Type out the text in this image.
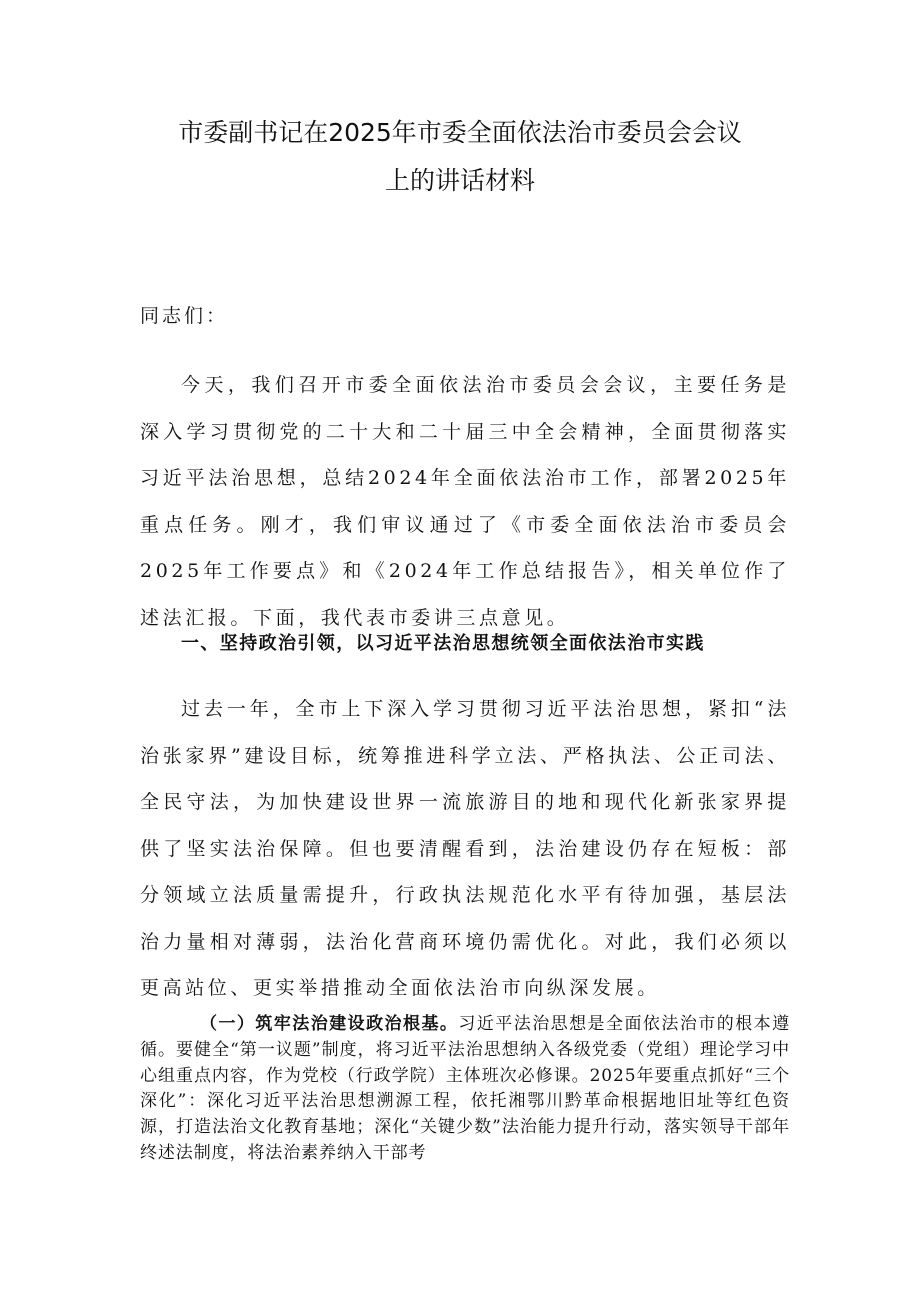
市委副书记在2025年市委全面依法治市委员会会议
上的讲话材料
同志们：

今天，我们召开市委全面依法治市委员会会议，主要任务是深入学习贯彻党的二十大和二十届三中全会精神，全面贯彻落实习近平法治思想，总结2024年全面依法治市工作，部署2025年重点任务。刚才，我们审议通过了《市委全面依法治市委员会2025年工作要点》和《2024年工作总结报告》，相关单位作了述法汇报。下面，我代表市委讲三点意见。

一、坚持政治引领，以习近平法治思想统领全面依法治市实践

过去一年，全市上下深入学习贯彻习近平法治思想，紧扣“法治张家界”建设目标，统筹推进科学立法、严格执法、公正司法、全民守法，为加快建设世界一流旅游目的地和现代化新张家界提供了坚实法治保障。但也要清醒看到，法治建设仍存在短板：部分领域立法质量需提升，行政执法规范化水平有待加强，基层法治力量相对薄弱，法治化营商环境仍需优化。对此，我们必须以更高站位、更实举措推动全面依法治市向纵深发展。

（一）筑牢法治建设政治根基。习近平法治思想是全面依法治市的根本遵循。要健全“第一议题”制度，将习近平法治思想纳入各级党委（党组）理论学习中心组重点内容，作为党校（行政学院）主体班次必修课。2025年要重点抓好“三个深化”：深化习近平法治思想溯源工程，依托湘鄂川黔革命根据地旧址等红色资源，打造法治文化教育基地；深化“关键少数”法治能力提升行动，落实领导干部年终述法制度，将法治素养纳入干部考
